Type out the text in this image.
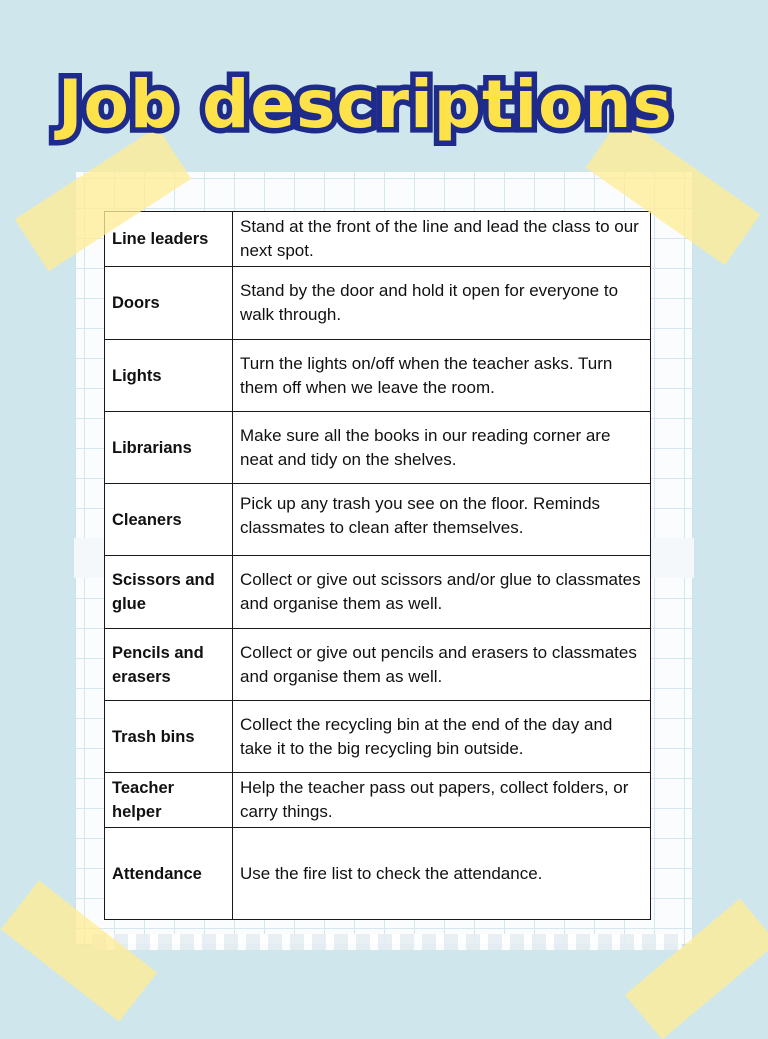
Job descriptions
Line leaders	Stand at the front of the line and lead the class to our next spot.
Doors	Stand by the door and hold it open for everyone to walk through.
Lights	Turn the lights on/off when the teacher asks. Turn them off when we leave the room.
Librarians	Make sure all the books in our reading corner are neat and tidy on the shelves.
Cleaners	Pick up any trash you see on the floor. Reminds classmates to clean after themselves.

Scissors and glue	Collect or give out scissors and/or glue to classmates and organise them as well.
Pencils and erasers	Collect or give out pencils and erasers to classmates and organise them as well.
Trash bins	Collect the recycling bin at the end of the day and take it to the big recycling bin outside.
Teacher helper	Help the teacher pass out papers, collect folders, or carry things.
Attendance	Use the fire list to check the attendance.
